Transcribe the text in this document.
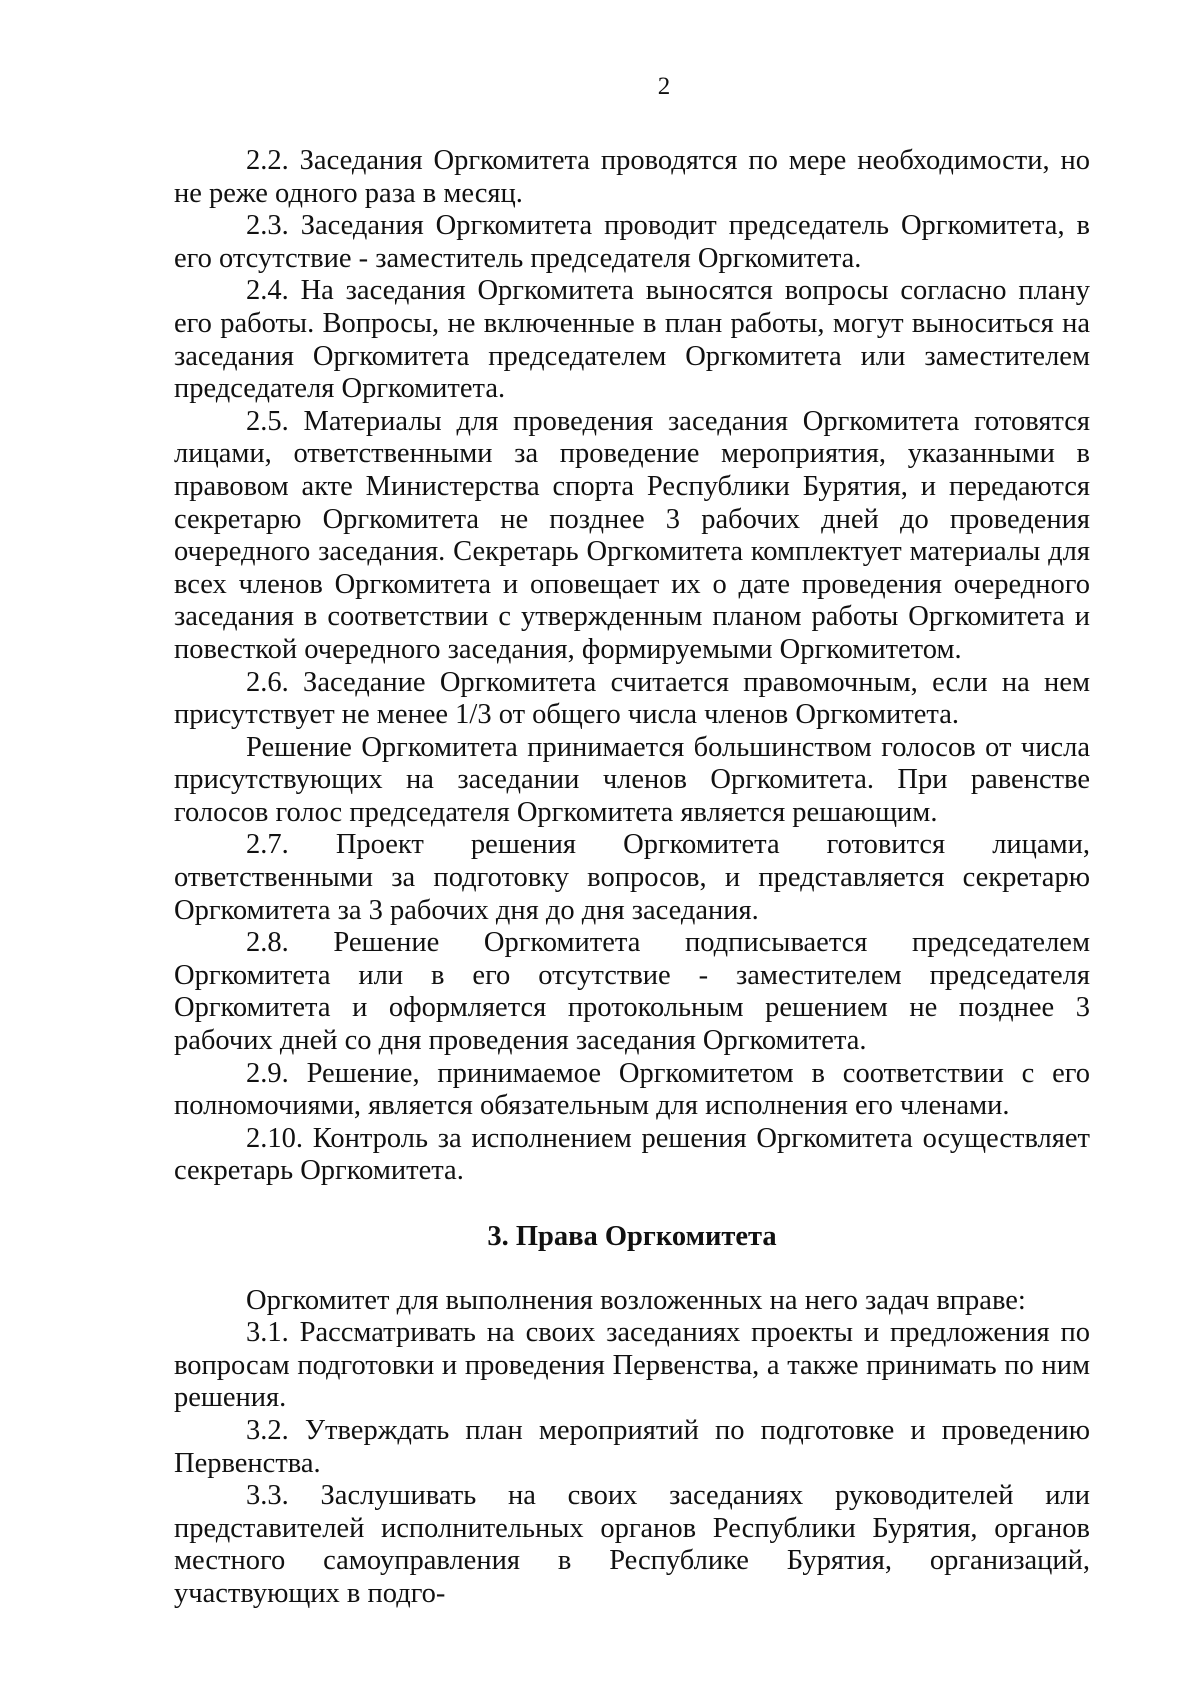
2

2.2. Заседания Оргкомитета проводятся по мере необходимости, но не реже одного раза в месяц.

2.3. Заседания Оргкомитета проводит председатель Оргкомитета, в его отсутствие - заместитель председателя Оргкомитета.

2.4. На заседания Оргкомитета выносятся вопросы согласно плану его работы. Вопросы, не включенные в план работы, могут выноситься на заседания Оргкомитета председателем Оргкомитета или заместителем председателя Оргкомитета.

2.5. Материалы для проведения заседания Оргкомитета готовятся лицами, ответственными за проведение мероприятия, указанными в правовом акте Министерства спорта Республики Бурятия, и передаются секретарю Оргкомитета не позднее 3 рабочих дней до проведения очередного заседания. Секретарь Оргкомитета комплектует материалы для всех членов Оргкомитета и оповещает их о дате проведения очередного заседания в соответствии с утвержденным планом работы Оргкомитета и повесткой очередного заседания, формируемыми Оргкомитетом.

2.6. Заседание Оргкомитета считается правомочным, если на нем присутствует не менее 1/3 от общего числа членов Оргкомитета.

Решение Оргкомитета принимается большинством голосов от числа присутствующих на заседании членов Оргкомитета. При равенстве голосов голос председателя Оргкомитета является решающим.

2.7. Проект решения Оргкомитета готовится лицами, ответственными за подготовку вопросов, и представляется секретарю Оргкомитета за 3 рабочих дня до дня заседания.

2.8. Решение Оргкомитета подписывается председателем Оргкомитета или в его отсутствие - заместителем председателя Оргкомитета и оформляется протокольным решением не позднее 3 рабочих дней со дня проведения заседания Оргкомитета.

2.9. Решение, принимаемое Оргкомитетом в соответствии с его полномочиями, является обязательным для исполнения его членами.

2.10. Контроль за исполнением решения Оргкомитета осуществляет секретарь Оргкомитета.

3. Права Оргкомитета

Оргкомитет для выполнения возложенных на него задач вправе:

3.1. Рассматривать на своих заседаниях проекты и предложения по вопросам подготовки и проведения Первенства, а также принимать по ним решения.

3.2. Утверждать план мероприятий по подготовке и проведению Первенства.

3.3. Заслушивать на своих заседаниях руководителей или представителей исполнительных органов Республики Бурятия, органов местного самоуправления в Республике Бурятия, организаций, участвующих в подго-
